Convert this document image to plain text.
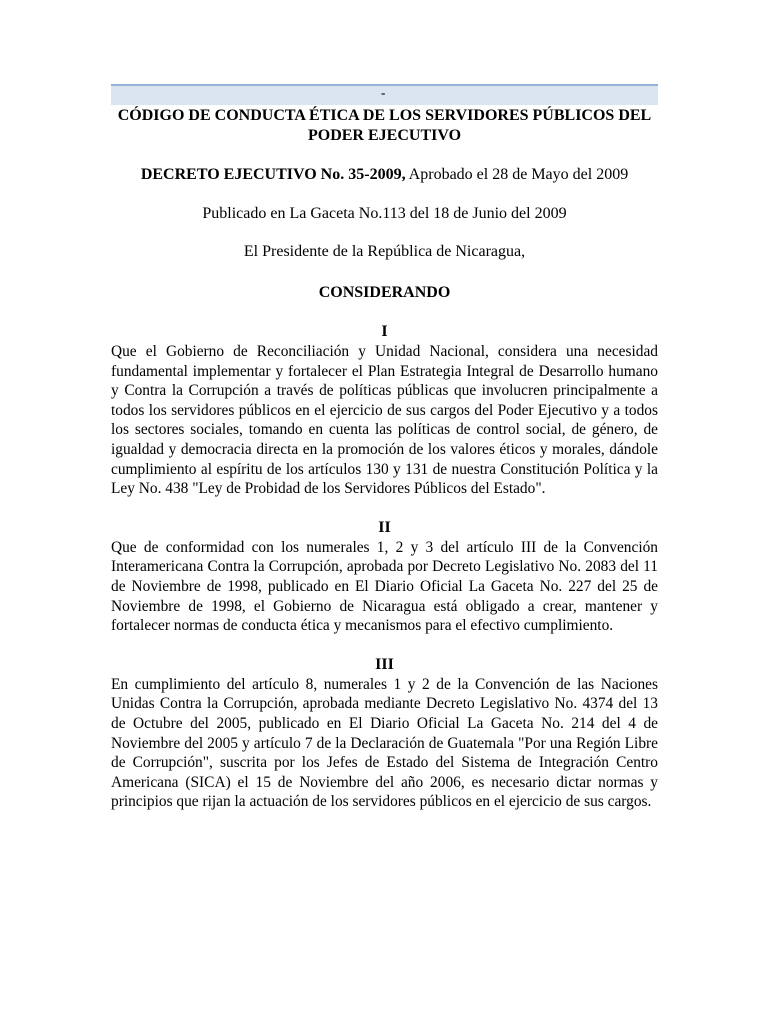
-

CÓDIGO DE CONDUCTA ÉTICA DE LOS SERVIDORES PÚBLICOS DEL PODER EJECUTIVO

DECRETO EJECUTIVO No. 35-2009, Aprobado el 28 de Mayo del 2009

Publicado en La Gaceta No.113 del 18 de Junio del 2009

El Presidente de la República de Nicaragua,

CONSIDERANDO

I

Que el Gobierno de Reconciliación y Unidad Nacional, considera una necesidad fundamental implementar y fortalecer el Plan Estrategia Integral de Desarrollo humano y Contra la Corrupción a través de políticas públicas que involucren principalmente a todos los servidores públicos en el ejercicio de sus cargos del Poder Ejecutivo y a todos los sectores sociales, tomando en cuenta las políticas de control social, de género, de igualdad y democracia directa en la promoción de los valores éticos y morales, dándole cumplimiento al espíritu de los artículos 130 y 131 de nuestra Constitución Política y la Ley No. 438 "Ley de Probidad de los Servidores Públicos del Estado".

II

Que de conformidad con los numerales 1, 2 y 3 del artículo III de la Convención Interamericana Contra la Corrupción, aprobada por Decreto Legislativo No. 2083 del 11 de Noviembre de 1998, publicado en El Diario Oficial La Gaceta No. 227 del 25 de Noviembre de 1998, el Gobierno de Nicaragua está obligado a crear, mantener y fortalecer normas de conducta ética y mecanismos para el efectivo cumplimiento.

III

En cumplimiento del artículo 8, numerales 1 y 2 de la Convención de las Naciones Unidas Contra la Corrupción, aprobada mediante Decreto Legislativo No. 4374 del 13 de Octubre del 2005, publicado en El Diario Oficial La Gaceta No. 214 del 4 de Noviembre del 2005 y artículo 7 de la Declaración de Guatemala "Por una Región Libre de Corrupción", suscrita por los Jefes de Estado del Sistema de Integración Centro Americana (SICA) el 15 de Noviembre del año 2006, es necesario dictar normas y principios que rijan la actuación de los servidores públicos en el ejercicio de sus cargos.
